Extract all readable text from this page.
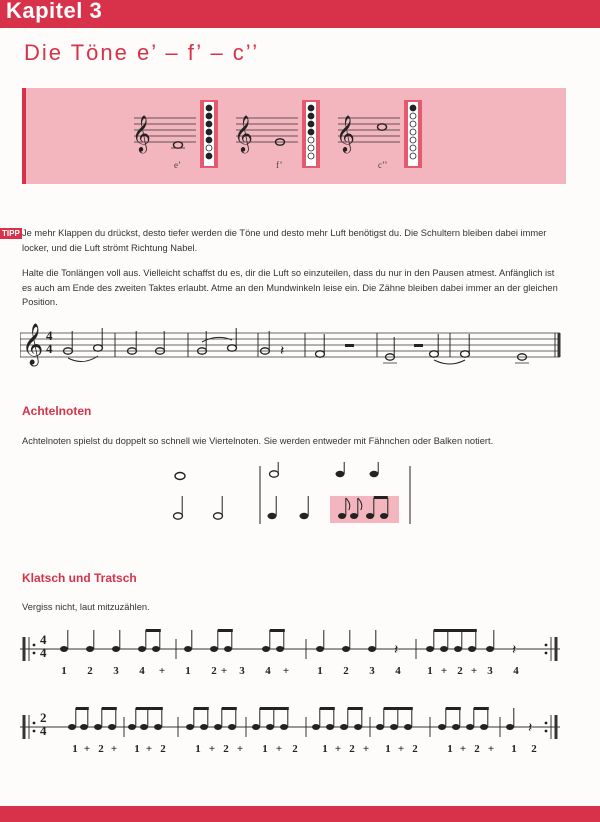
Kapitel 3
Die Töne e’ – f’ – c’’
𝄞
e’
𝄞
f’
𝄞
c’’
TIPP Je mehr Klappen du drückst, desto tiefer werden die Töne und desto mehr Luft benötigst du. Die Schultern bleiben dabei immer locker, und die Luft strömt Richtung Nabel.
Halte die Tonlängen voll aus. Vielleicht schaffst du es, dir die Luft so einzuteilen, dass du nur in den Pausen atmest. Anfänglich ist es auch am Ende des zweiten Taktes erlaubt. Atme an den Mundwinkeln leise ein. Die Zähne bleiben dabei immer an der gleichen Position.
𝄞 4
4	𝄽
Achtelnoten
Achtelnoten spielst du doppelt so schnell wie Viertelnoten. Sie werden entweder mit Fähnchen oder Balken notiert.
Klatsch und Tratsch
Vergiss nicht, laut mitzuzählen.
𝄽	𝄽
1 2 3 4 + 1 2 + 3 4 +	1 2 3 4 1 + 2 + 3 4
4
4
𝄽
1 + 2 + 1 + 2	1 + 2 + 1 + 2 1 + 2 + 1 + 2	1 + 2 + 1 2
2
4
